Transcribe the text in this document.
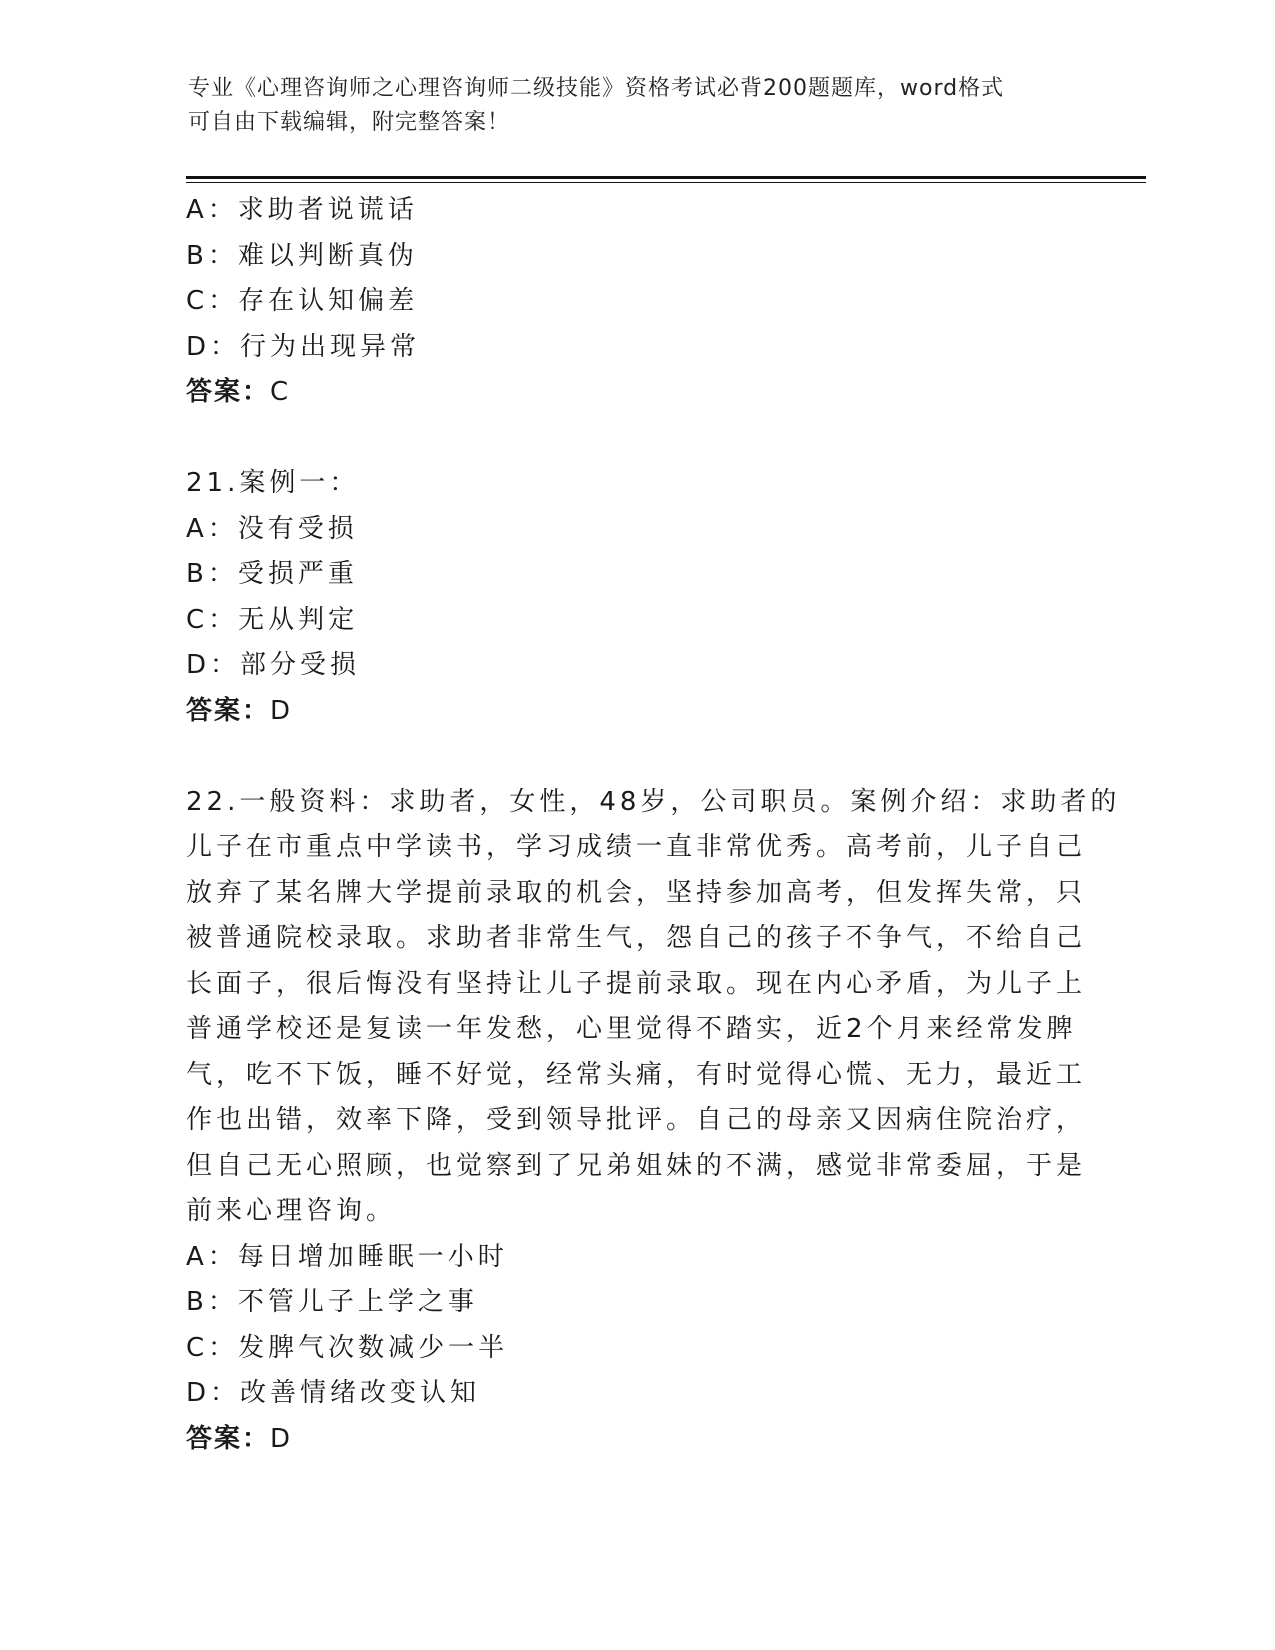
专业《心理咨询师之心理咨询师二级技能》资格考试必背200题题库，word格式
可自由下载编辑，附完整答案！
A：求助者说谎话
B：难以判断真伪
C：存在认知偏差
D：行为出现异常
答案：C
21.案例一：
A：没有受损
B：受损严重
C：无从判定
D：部分受损
答案：D
22.一般资料：求助者，女性，48岁，公司职员。案例介绍：求助者的
儿子在市重点中学读书，学习成绩一直非常优秀。高考前，儿子自己
放弃了某名牌大学提前录取的机会，坚持参加高考，但发挥失常，只
被普通院校录取。求助者非常生气，怨自己的孩子不争气，不给自己
长面子，很后悔没有坚持让儿子提前录取。现在内心矛盾，为儿子上
普通学校还是复读一年发愁，心里觉得不踏实，近2个月来经常发脾
气，吃不下饭，睡不好觉，经常头痛，有时觉得心慌、无力，最近工
作也出错，效率下降，受到领导批评。自己的母亲又因病住院治疗，
但自己无心照顾，也觉察到了兄弟姐妹的不满，感觉非常委屈，于是
前来心理咨询。
A：每日增加睡眠一小时
B：不管儿子上学之事
C：发脾气次数减少一半
D：改善情绪改变认知
答案：D
